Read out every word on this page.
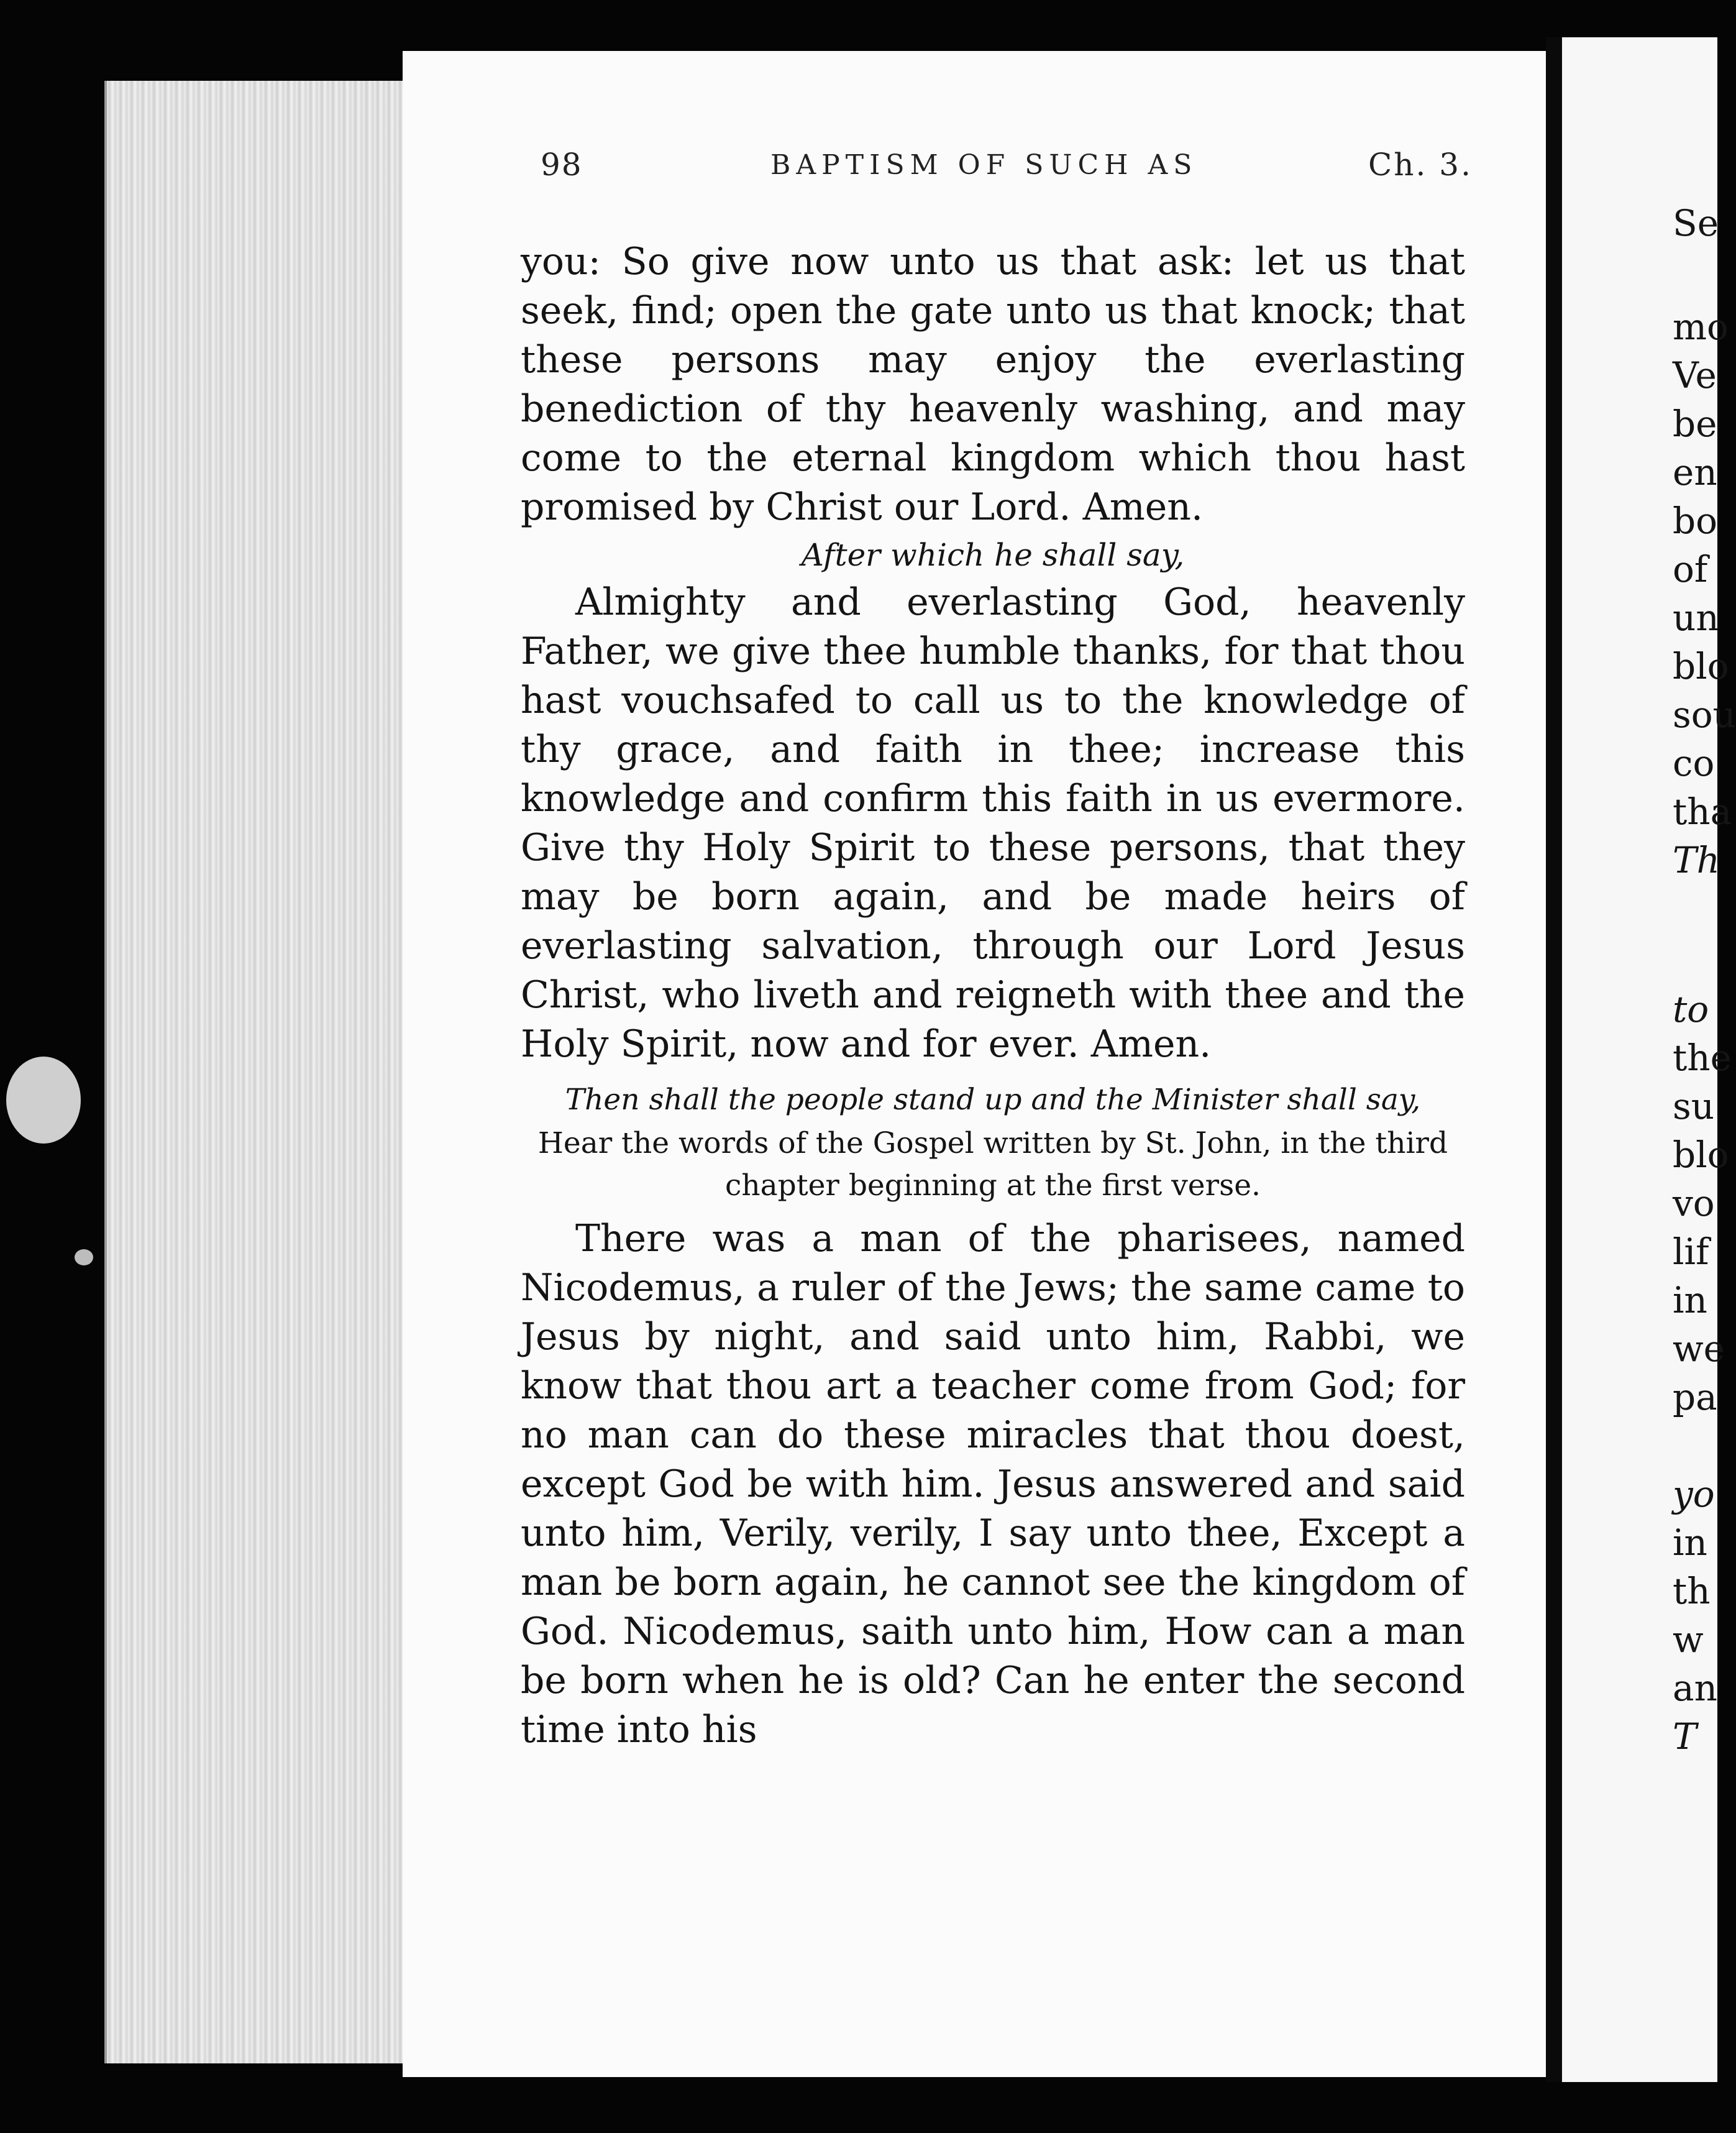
Se
mo
Ve
be
en
bo
of
un
blo
sou
co
tha
Th
to
the
su
blo
vo
lif
in
we
pa
yo
in
th
w
an
T
98	BAPTISM OF SUCH AS	Ch. 3.

you: So give now unto us that ask: let us that seek, find; open the gate unto us that knock; that these persons may enjoy the everlasting benediction of thy heavenly washing, and may come to the eternal kingdom which thou hast promised by Christ our Lord. Amen.

After which he shall say,

Almighty and everlasting God, heavenly Father, we give thee humble thanks, for that thou hast vouchsafed to call us to the knowledge of thy grace, and faith in thee; increase this knowledge and confirm this faith in us evermore. Give thy Holy Spirit to these persons, that they may be born again, and be made heirs of everlasting salvation, through our Lord Jesus Christ, who liveth and reigneth with thee and the Holy Spirit, now and for ever. Amen.

Then shall the people stand up and the Minister shall say,

Hear the words of the Gospel written by St. John, in the third chapter beginning at the first verse.

There was a man of the pharisees, named Nicodemus, a ruler of the Jews; the same came to Jesus by night, and said unto him, Rabbi, we know that thou art a teacher come from God; for no man can do these miracles that thou doest, except God be with him. Jesus answered and said unto him, Verily, verily, I say unto thee, Except a man be born again, he cannot see the kingdom of God. Nicodemus, saith unto him, How can a man be born when he is old? Can he enter the second time into his
